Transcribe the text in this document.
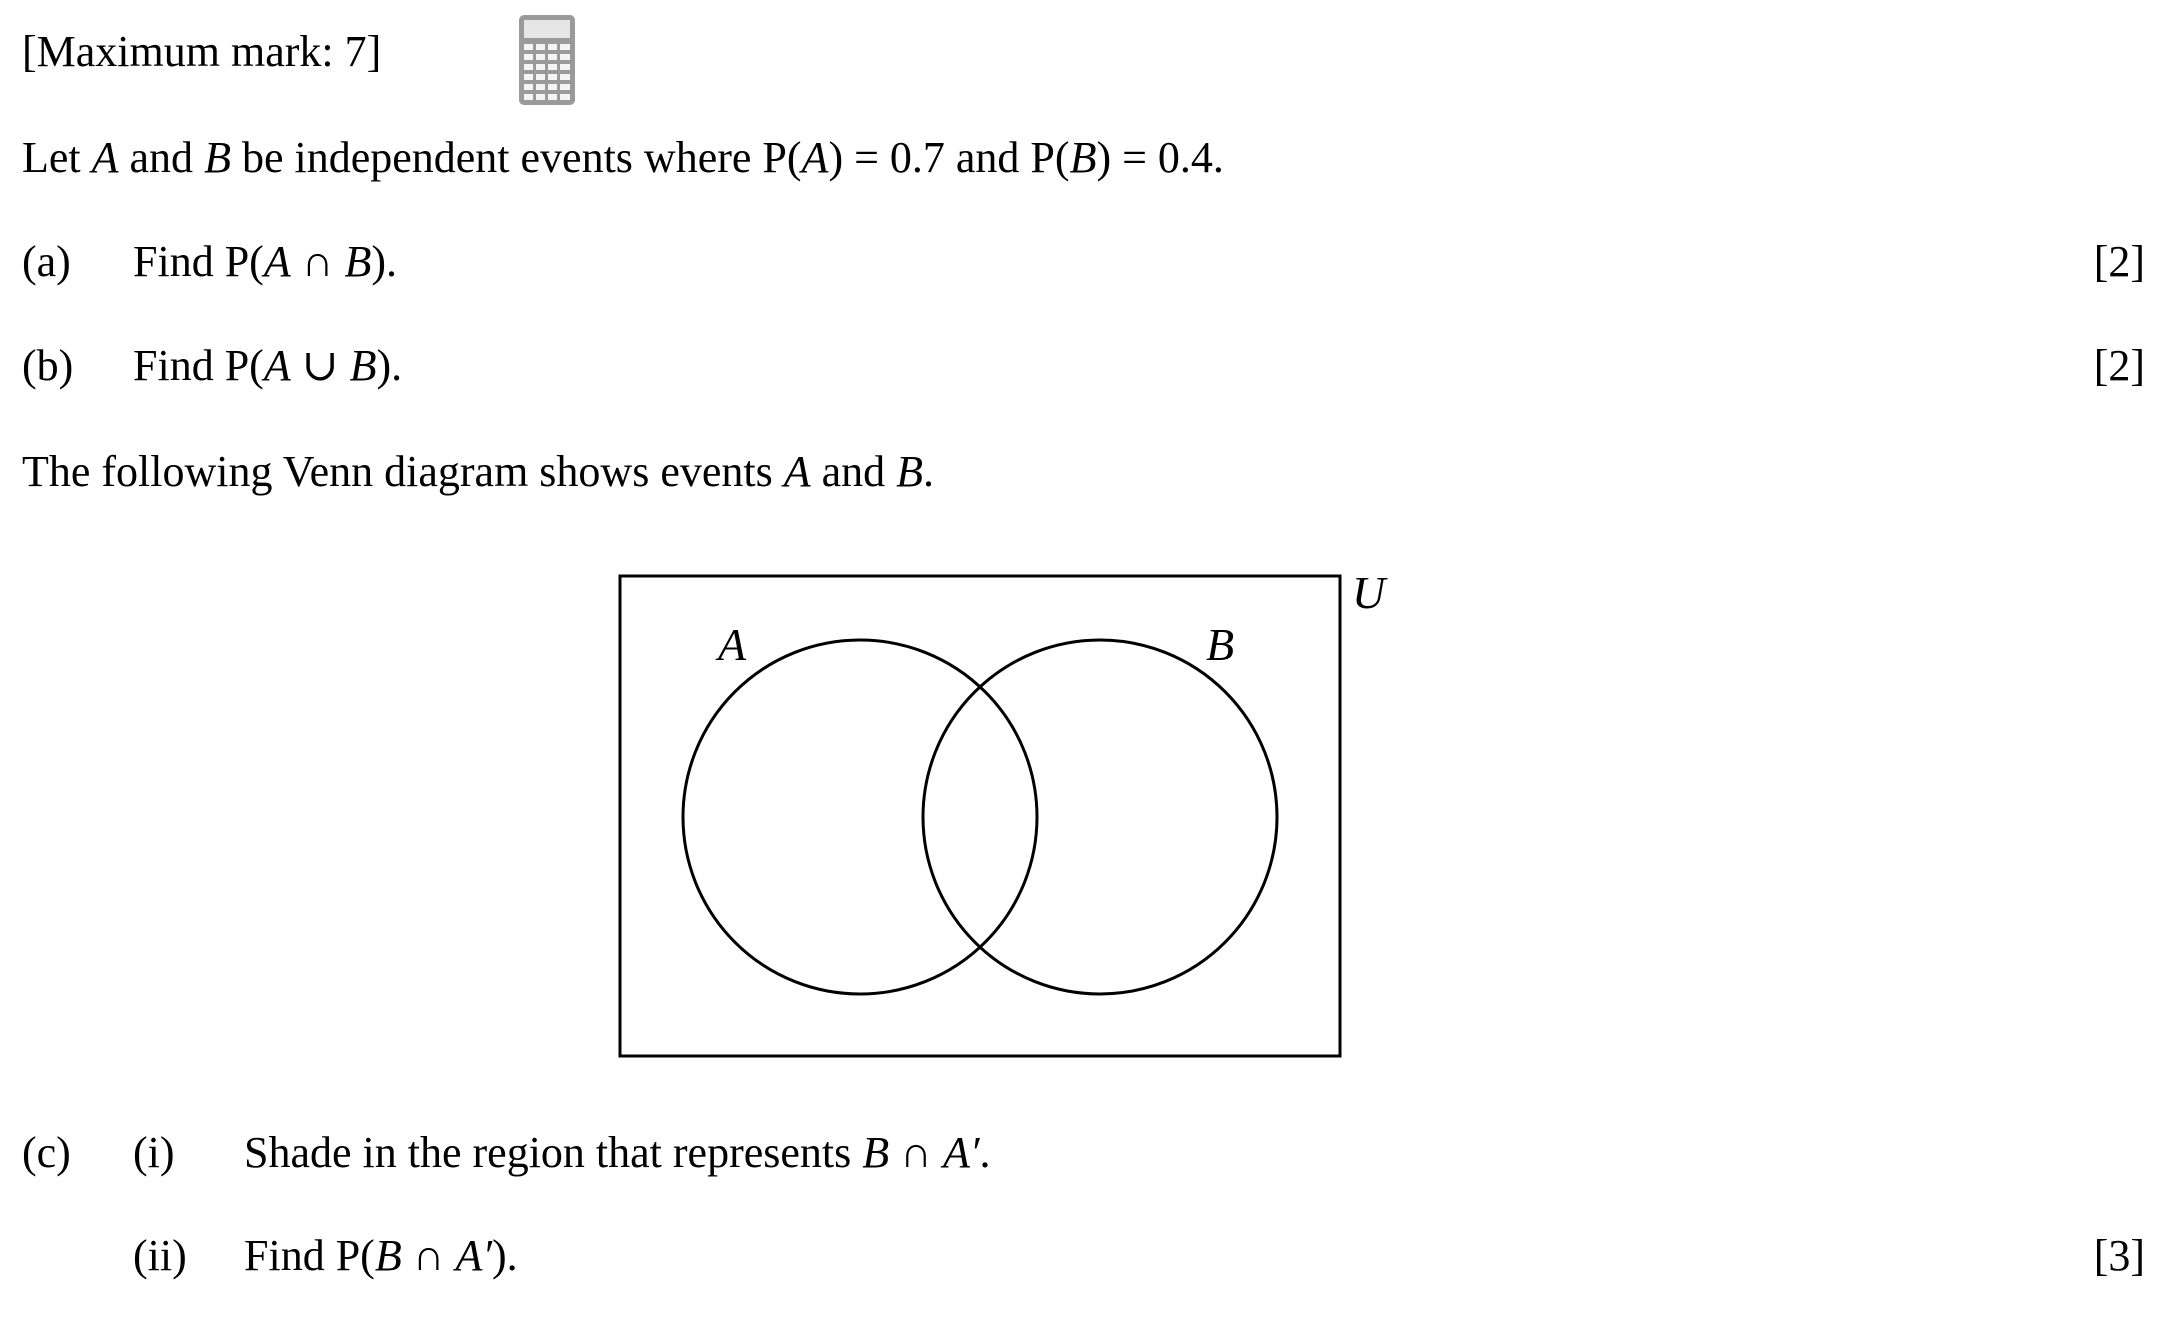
[Maximum mark: 7]
Let A and B be independent events where P(A) = 0.7 and P(B) = 0.4.
(a) Find P(A ∩ B).	[2]
(b) Find P(A ∪ B).	[2]
The following Venn diagram shows events A and B.
U
A	B
(c) (i) Shade in the region that represents B ∩ A′.
(ii) Find P(B ∩ A′).	[3]
